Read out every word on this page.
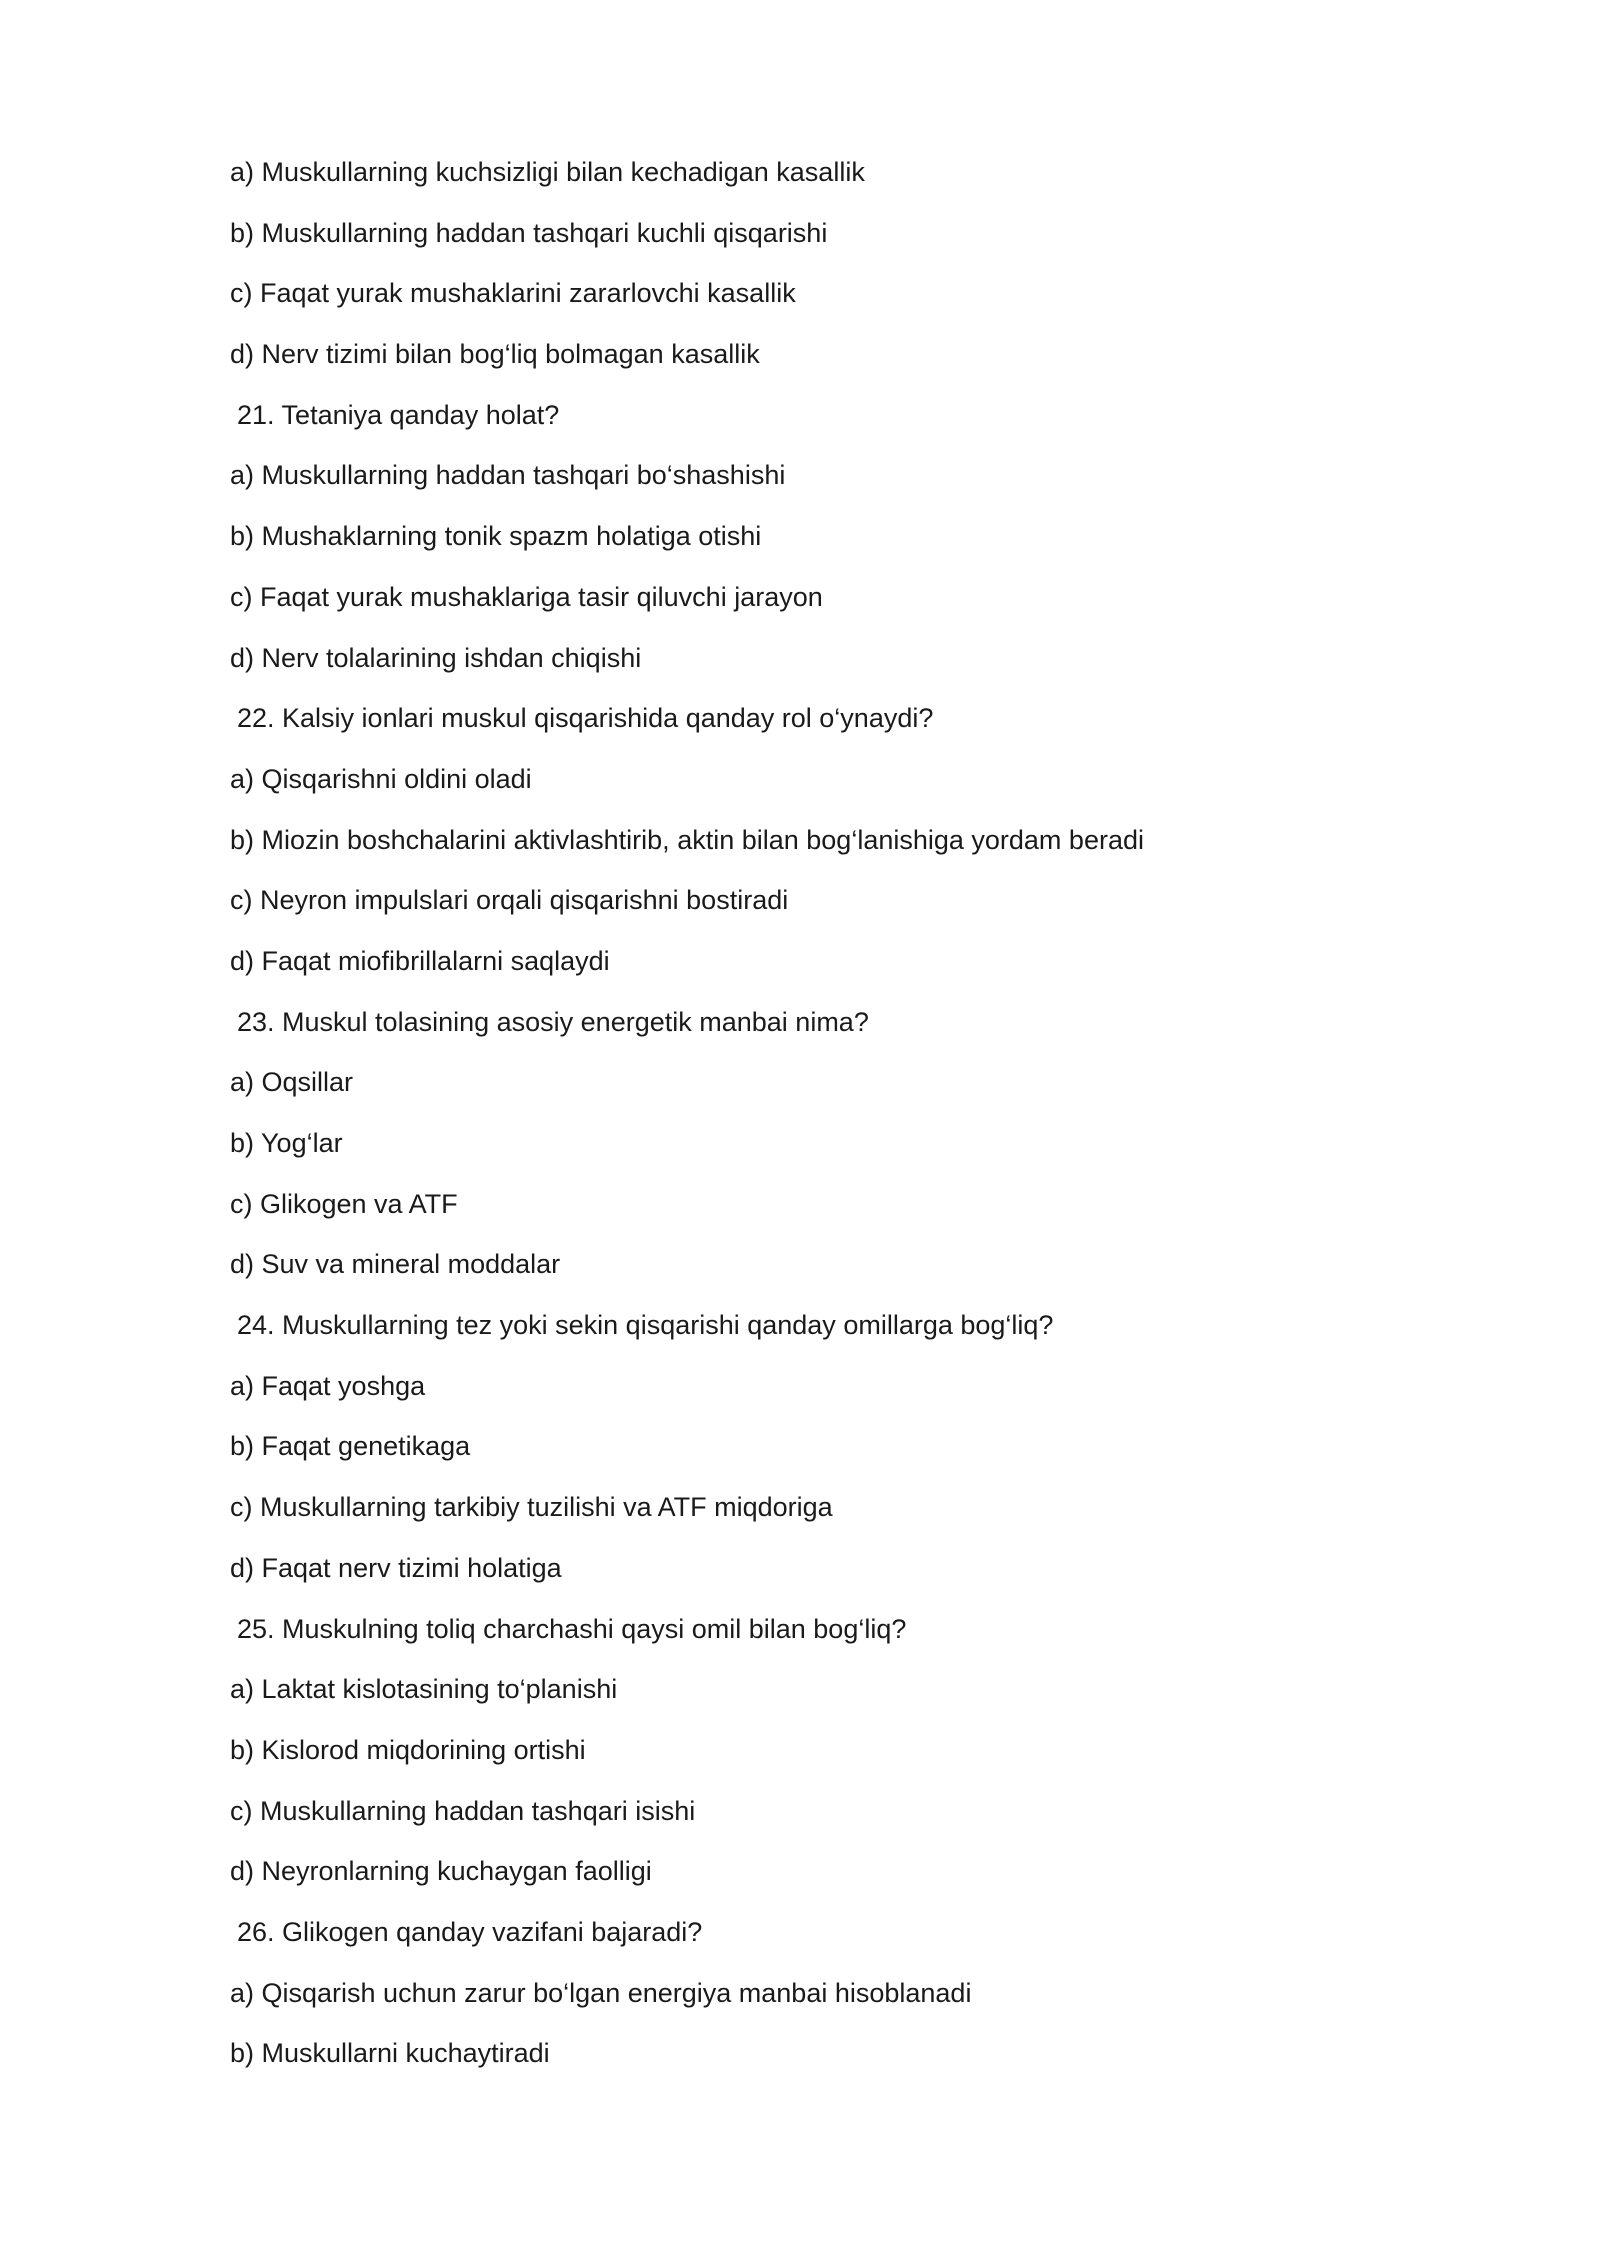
a) Muskullarning kuchsizligi bilan kechadigan kasallik
b) Muskullarning haddan tashqari kuchli qisqarishi
c) Faqat yurak mushaklarini zararlovchi kasallik
d) Nerv tizimi bilan bog‘liq bolmagan kasallik
21. Tetaniya qanday holat?
a) Muskullarning haddan tashqari bo‘shashishi
b) Mushaklarning tonik spazm holatiga otishi
c) Faqat yurak mushaklariga tasir qiluvchi jarayon
d) Nerv tolalarining ishdan chiqishi
22. Kalsiy ionlari muskul qisqarishida qanday rol o‘ynaydi?
a) Qisqarishni oldini oladi
b) Miozin boshchalarini aktivlashtirib, aktin bilan bog‘lanishiga yordam beradi
c) Neyron impulslari orqali qisqarishni bostiradi
d) Faqat miofibrillalarni saqlaydi
23. Muskul tolasining asosiy energetik manbai nima?
a) Oqsillar
b) Yog‘lar
c) Glikogen va ATF
d) Suv va mineral moddalar
24. Muskullarning tez yoki sekin qisqarishi qanday omillarga bog‘liq?
a) Faqat yoshga
b) Faqat genetikaga
c) Muskullarning tarkibiy tuzilishi va ATF miqdoriga
d) Faqat nerv tizimi holatiga
25. Muskulning toliq charchashi qaysi omil bilan bog‘liq?
a) Laktat kislotasining to‘planishi
b) Kislorod miqdorining ortishi
c) Muskullarning haddan tashqari isishi
d) Neyronlarning kuchaygan faolligi
26. Glikogen qanday vazifani bajaradi?
a) Qisqarish uchun zarur bo‘lgan energiya manbai hisoblanadi
b) Muskullarni kuchaytiradi
